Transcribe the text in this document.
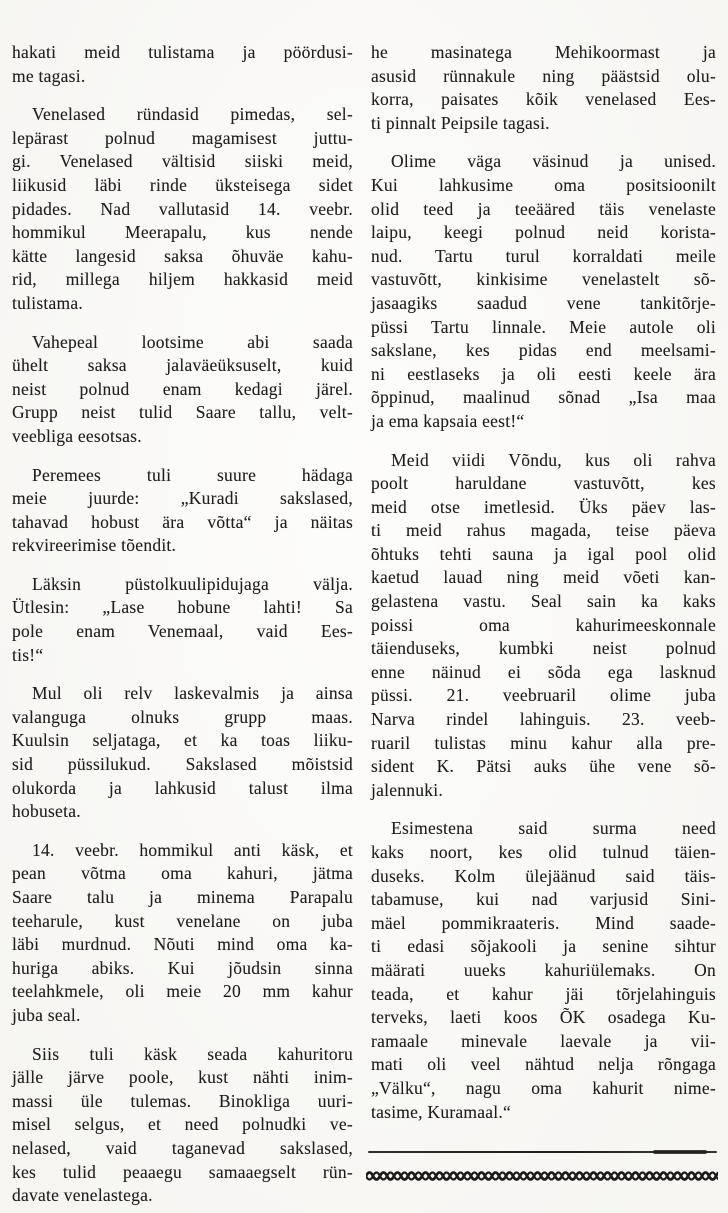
hakati meid tulistama ja pöördusi-
me tagasi.
Venelased ründasid pimedas, sel-
lepärast polnud magamisest juttu-
gi. Venelased vältisid siiski meid,
liikusid läbi rinde üksteisega sidet
pidades. Nad vallutasid 14. veebr.
hommikul Meerapalu, kus nende
kätte langesid saksa õhuväe kahu-
rid, millega hiljem hakkasid meid
tulistama.
Vahepeal lootsime abi saada
ühelt saksa jalaväeüksuselt, kuid
neist polnud enam kedagi järel.
Grupp neist tulid Saare tallu, velt-
veebliga eesotsas.
Peremees tuli suure hädaga
meie juurde: „Kuradi sakslased,
tahavad hobust ära võtta“ ja näitas
rekvireerimise tõendit.
Läksin püstolkuulipidujaga välja.
Ütlesin: „Lase hobune lahti! Sa
pole enam Venemaal, vaid Ees-
tis!“
Mul oli relv laskevalmis ja ainsa
valanguga olnuks grupp maas.
Kuulsin seljataga, et ka toas liiku-
sid püssilukud. Sakslased mõistsid
olukorda ja lahkusid talust ilma
hobuseta.
14. veebr. hommikul anti käsk, et
pean võtma oma kahuri, jätma
Saare talu ja minema Parapalu
teeharule, kust venelane on juba
läbi murdnud. Nõuti mind oma ka-
huriga abiks. Kui jõudsin sinna
teelahkmele, oli meie 20 mm kahur
juba seal.
Siis tuli käsk seada kahuritoru
jälle järve poole, kust nähti inim-
massi üle tulemas. Binokliga uuri-
misel selgus, et need polnudki ve-
nelased, vaid taganevad sakslased,
kes tulid peaaegu samaaegselt rün-
davate venelastega.
he masinatega Mehikoormast ja
asusid rünnakule ning päästsid olu-
korra, paisates kõik venelased Ees-
ti pinnalt Peipsile tagasi.
Olime väga väsinud ja unised.
Kui lahkusime oma positsioonilt
olid teed ja teeääred täis venelaste
laipu, keegi polnud neid korista-
nud. Tartu turul korraldati meile
vastuvõtt, kinkisime venelastelt sõ-
jasaagiks saadud vene tankitõrje-
püssi Tartu linnale. Meie autole oli
sakslane, kes pidas end meelsami-
ni eestlaseks ja oli eesti keele ära
õppinud, maalinud sõnad „Isa maa
ja ema kapsaia eest!“
Meid viidi Võndu, kus oli rahva
poolt haruldane vastuvõtt, kes
meid otse imetlesid. Üks päev las-
ti meid rahus magada, teise päeva
õhtuks tehti sauna ja igal pool olid
kaetud lauad ning meid võeti kan-
gelastena vastu. Seal sain ka kaks
poissi oma kahurimeeskonnale
täienduseks, kumbki neist polnud
enne näinud ei sõda ega lasknud
püssi. 21. veebruaril olime juba
Narva rindel lahinguis. 23. veeb-
ruaril tulistas minu kahur alla pre-
sident K. Pätsi auks ühe vene sõ-
jalennuki.
Esimestena said surma need
kaks noort, kes olid tulnud täien-
duseks. Kolm ülejäänud said täis-
tabamuse, kui nad varjusid Sini-
mäel pommikraateris. Mind saade-
ti edasi sõjakooli ja senine sihtur
määrati uueks kahuriülemaks. On
teada, et kahur jäi tõrjelahinguis
terveks, laeti koos ÕK osadega Ku-
ramaale minevale laevale ja vii-
mati oli veel nähtud nelja rõngaga
„Välku“, nagu oma kahurit nime-
tasime, Kuramaal.“
